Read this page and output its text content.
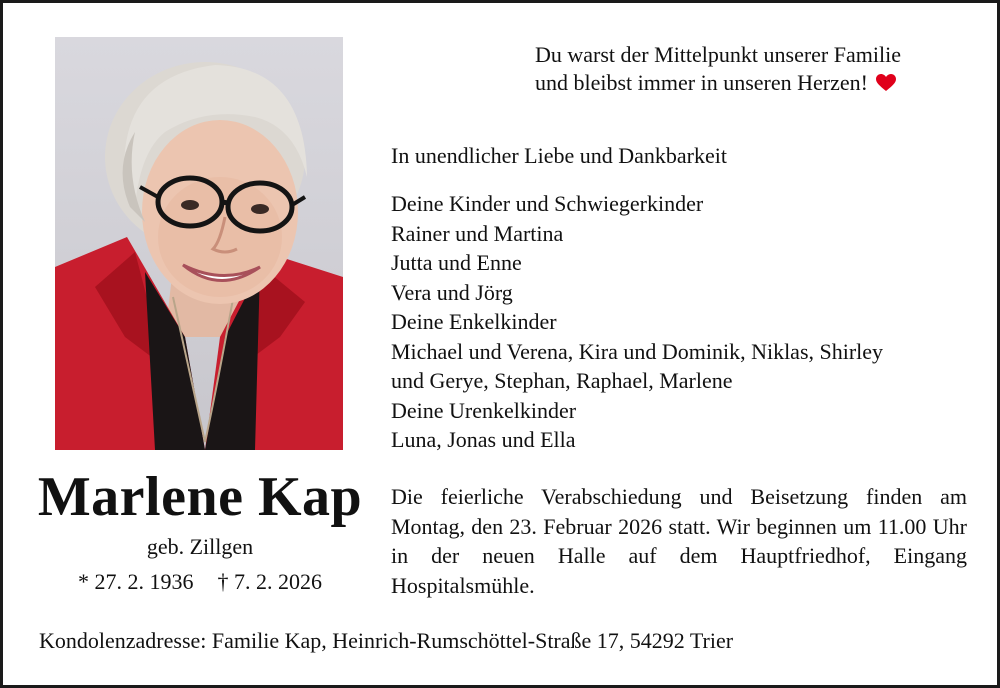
Marlene Kap
geb. Zillgen
* 27. 2. 1936 † 7. 2. 2026
Du warst der Mittelpunkt unserer Familie
und bleibst immer in unseren Herzen!
In unendlicher Liebe und Dankbarkeit
Deine Kinder und Schwiegerkinder
Rainer und Martina
Jutta und Enne
Vera und Jörg
Deine Enkelkinder
Michael und Verena, Kira und Dominik, Niklas, Shirley
und Gerye, Stephan, Raphael, Marlene
Deine Urenkelkinder
Luna, Jonas und Ella
Die feierliche Verabschiedung und Beisetzung finden am Montag, den 23. Februar 2026 statt. Wir beginnen um 11.00 Uhr in der neuen Halle auf dem Hauptfriedhof, Eingang Hospitalsmühle.
Kondolenzadresse: Familie Kap, Heinrich-Rumschöttel-Straße 17, 54292 Trier
